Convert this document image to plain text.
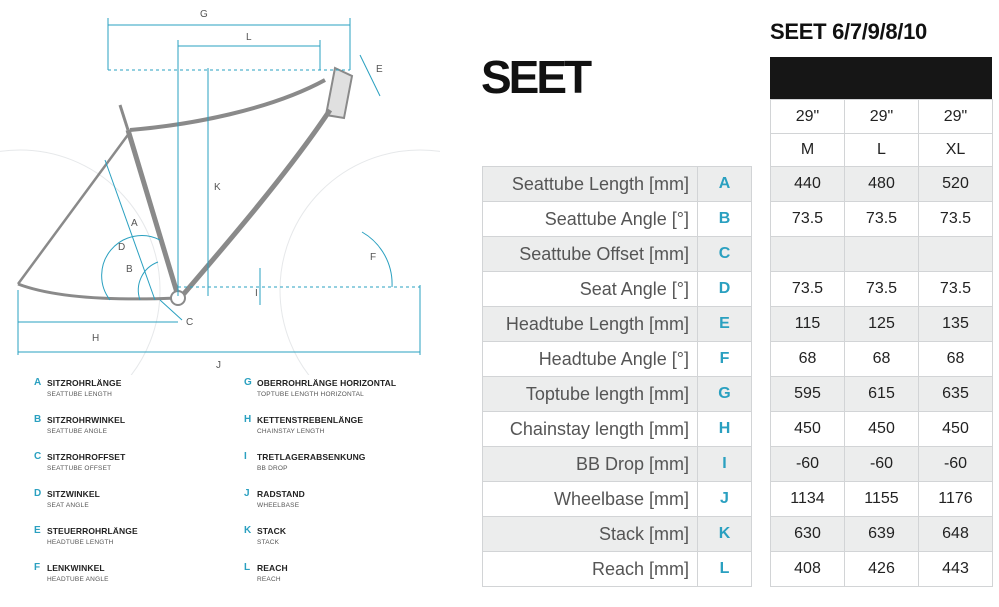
G
L
E
K
A
D
B
F
I
C
H
J
A SITZROHRLÄNGE
SEATTUBE LENGTH
B SITZROHRWINKEL
SEATTUBE ANGLE
C SITZROHROFFSET
SEATTUBE OFFSET
D SITZWINKEL
SEAT ANGLE
E STEUERROHRLÄNGE
HEADTUBE LENGTH
F LENKWINKEL
HEADTUBE ANGLE
G OBERROHRLÄNGE HORIZONTAL
TOPTUBE LENGTH HORIZONTAL
H KETTENSTREBENLÄNGE
CHAINSTAY LENGTH
I TRETLAGERABSENKUNG
BB DROP
J RADSTAND
WHEELBASE
K STACK
STACK
L REACH
REACH
SEET
SEET 6/7/9/8/10
29"	29"	29"
M	L	XL
Seattube Length [mm]	A	440	480	520
Seattube Angle [°]	B	73.5	73.5	73.5
Seattube Offset [mm]	C
Seat Angle [°]	D	73.5	73.5	73.5
Headtube Length [mm]	E	115	125	135
Headtube Angle [°]	F	68	68	68
Toptube length [mm]	G	595	615	635
Chainstay length [mm]	H	450	450	450
BB Drop [mm]	I	-60	-60	-60
Wheelbase [mm]	J	1134	1155	1176
Stack [mm]	K	630	639	648
Reach [mm]	L	408	426	443
